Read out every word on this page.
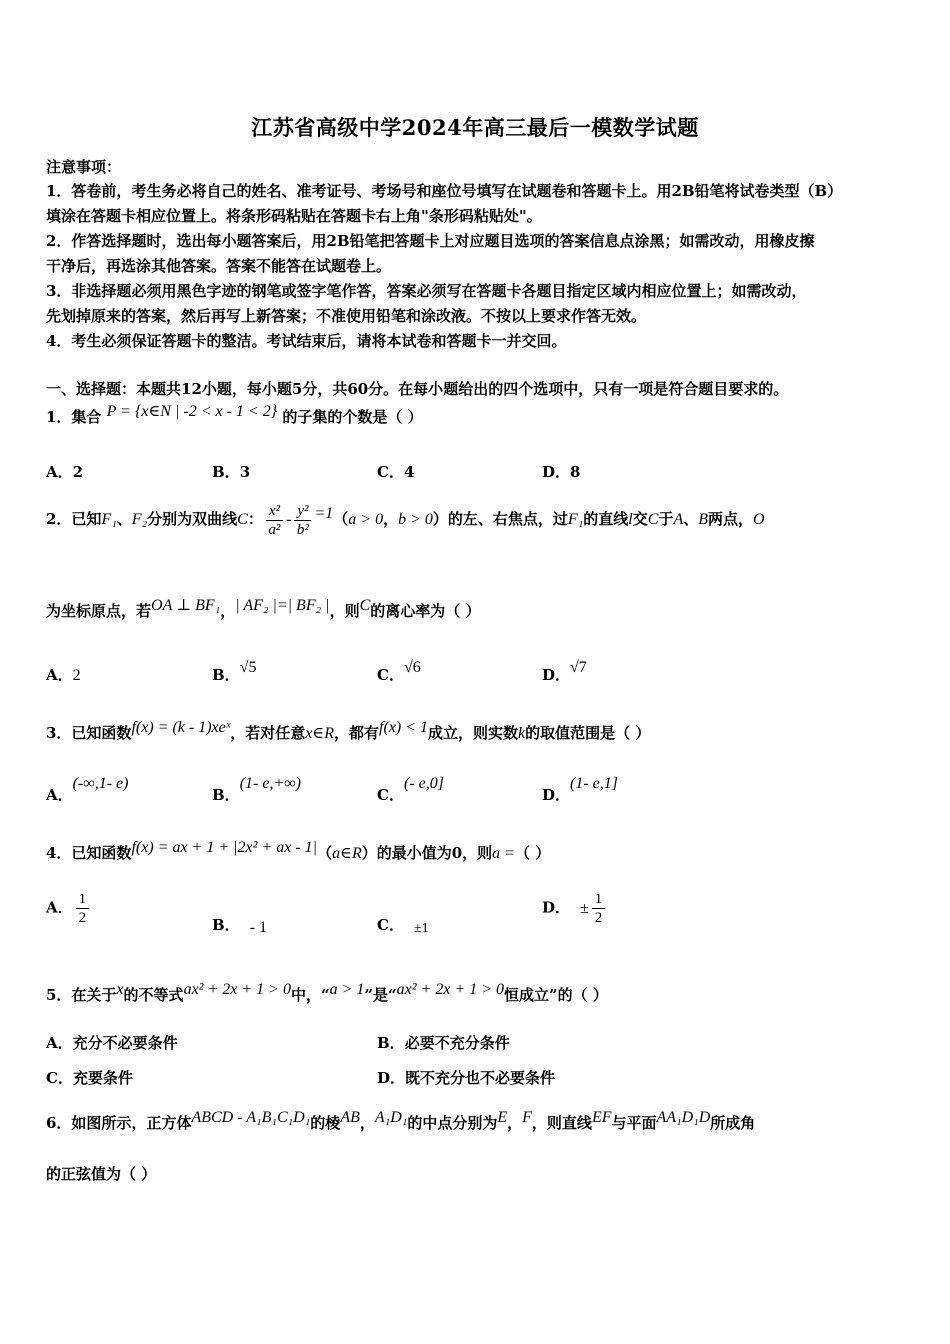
江苏省高级中学2024年高三最后一模数学试题
注意事项：
1．答卷前，考生务必将自己的姓名、准考证号、考场号和座位号填写在试题卷和答题卡上。用2B铅笔将试卷类型（B）
填涂在答题卡相应位置上。将条形码粘贴在答题卡右上角"条形码粘贴处"。
2．作答选择题时，选出每小题答案后，用2B铅笔把答题卡上对应题目选项的答案信息点涂黑；如需改动，用橡皮擦
干净后，再选涂其他答案。答案不能答在试题卷上。
3．非选择题必须用黑色字迹的钢笔或签字笔作答，答案必须写在答题卡各题目指定区域内相应位置上；如需改动，
先划掉原来的答案，然后再写上新答案；不准使用铅笔和涂改液。不按以上要求作答无效。
4．考生必须保证答题卡的整洁。考试结束后，请将本试卷和答题卡一并交回。
一、选择题：本题共12小题，每小题5分，共60分。在每小题给出的四个选项中，只有一项是符合题目要求的。
1．集合 P = {x∈N | -2 < x - 1 < 2} 的子集的个数是（ ）
A．2	B．3	C．4	D．8
2．已知F₁、F₂分别为双曲线C： $\frac{\text{x²}}{\text{a²}} - \frac{\text{y²}}{\text{b²}} =1(a > 0$，b > 0）的左、右焦点，过F₁的直线l交C于A、B两点，O
为坐标原点，若OA ⊥ BF₁，| AF₂ |=| BF₂ |，则C的离心率为（ ）
A．2	B．√5	C．√6	D．√7
3．已知函数f(x) = (k - 1)xeˣ，若对任意x∈R，都有f(x) < 1成立，则实数k的取值范围是（ ）
A．(-∞,1- e)
B．(1- e,+∞)
C．(- e,0]
D．(1- e,1]
4．已知函数f(x) = ax + 1 + |2x² + ax - 1|（a∈R）的最小值为0，则a =（ ）
A． $\frac{1}{2}$	B． - 1	C． ±1
D． ± $\frac{1}{2}$
5．在关于x的不等式ax² + 2x + 1 > 0中，“a > 1”是“ax² + 2x + 1 > 0恒成立”的（ ）
A．充分不必要条件	B．必要不充分条件
C．充要条件	D．既不充分也不必要条件
6．如图所示，正方体ABCD - A₁B₁C₁D₁的棱AB，A₁D₁的中点分别为E，F，则直线EF与平面AA₁D₁D所成角
的正弦值为（ ）
